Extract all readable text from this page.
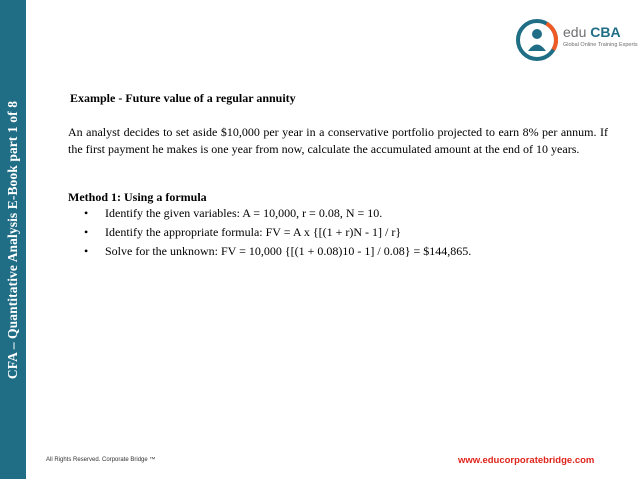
CFA – Quantitative Analysis E-Book part 1 of 8
edu CBA
Global Online Training Experts
Example - Future value of a regular annuity
An analyst decides to set aside $10,000 per year in a conservative portfolio projected to earn 8% per annum. If the first payment he makes is one year from now, calculate the accumulated amount at the end of 10 years.
Method 1: Using a formula
• Identify the given variables: A = 10,000, r = 0.08, N = 10.
• Identify the appropriate formula: FV = A x {[(1 + r)N - 1] / r}
• Solve for the unknown: FV = 10,000 {[(1 + 0.08)10 - 1] / 0.08} = $144,865.
All Rights Reserved. Corporate Bridge ™	www.educorporatebridge.com
